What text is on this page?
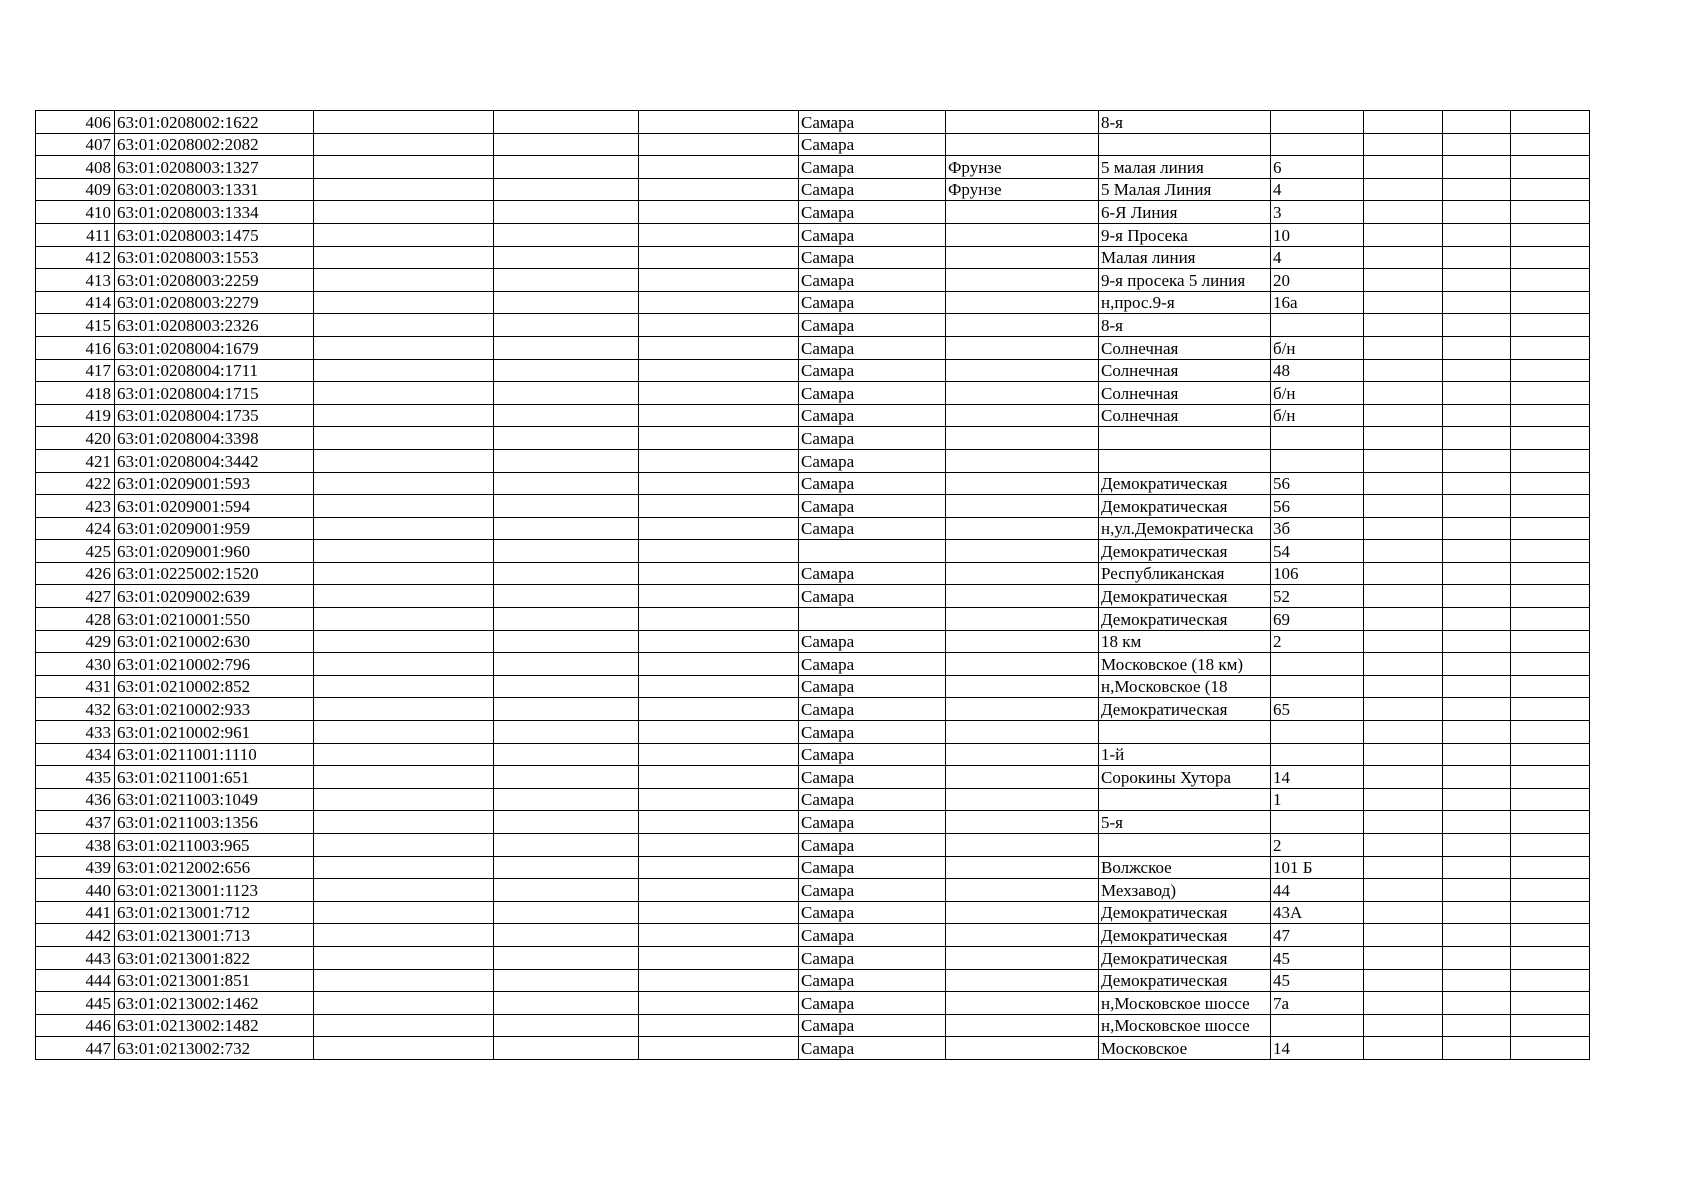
406	63:01:0208002:1622				Самара		8-я				
407	63:01:0208002:2082				Самара						
408	63:01:0208003:1327				Самара	Фрунзе	5 малая линия	6			
409	63:01:0208003:1331				Самара	Фрунзе	5 Малая Линия	4			
410	63:01:0208003:1334				Самара		6-Я Линия	3			
411	63:01:0208003:1475				Самара		9-я Просека	10			
412	63:01:0208003:1553				Самара		Малая линия	4			
413	63:01:0208003:2259				Самара		9-я просека 5 линия	20			
414	63:01:0208003:2279				Самара		н,прос.9-я	16а			
415	63:01:0208003:2326				Самара		8-я				
416	63:01:0208004:1679				Самара		Солнечная	б/н			
417	63:01:0208004:1711				Самара		Солнечная	48			
418	63:01:0208004:1715				Самара		Солнечная	б/н			
419	63:01:0208004:1735				Самара		Солнечная	б/н			
420	63:01:0208004:3398				Самара						
421	63:01:0208004:3442				Самара						
422	63:01:0209001:593				Самара		Демократическая	56			
423	63:01:0209001:594				Самара		Демократическая	56			
424	63:01:0209001:959				Самара		н,ул.Демократическа	3б			
425	63:01:0209001:960						Демократическая	54			
426	63:01:0225002:1520				Самара		Республиканская	106			
427	63:01:0209002:639				Самара		Демократическая	52			
428	63:01:0210001:550						Демократическая	69			
429	63:01:0210002:630				Самара		18 км	2			
430	63:01:0210002:796				Самара		Московское (18 км)				
431	63:01:0210002:852				Самара		н,Московское (18				
432	63:01:0210002:933				Самара		Демократическая	65			
433	63:01:0210002:961				Самара						
434	63:01:0211001:1110				Самара		1-й				
435	63:01:0211001:651				Самара		Сорокины Хутора	14			
436	63:01:0211003:1049				Самара			1			
437	63:01:0211003:1356				Самара		5-я				
438	63:01:0211003:965				Самара			2			
439	63:01:0212002:656				Самара		Волжское	101 Б			
440	63:01:0213001:1123				Самара		Мехзавод)	44			
441	63:01:0213001:712				Самара		Демократическая	43А			
442	63:01:0213001:713				Самара		Демократическая	47			
443	63:01:0213001:822				Самара		Демократическая	45			
444	63:01:0213001:851				Самара		Демократическая	45			
445	63:01:0213002:1462				Самара		н,Московское шоссе	7а			
446	63:01:0213002:1482				Самара		н,Московское шоссе				
447	63:01:0213002:732				Самара		Московское	14			
